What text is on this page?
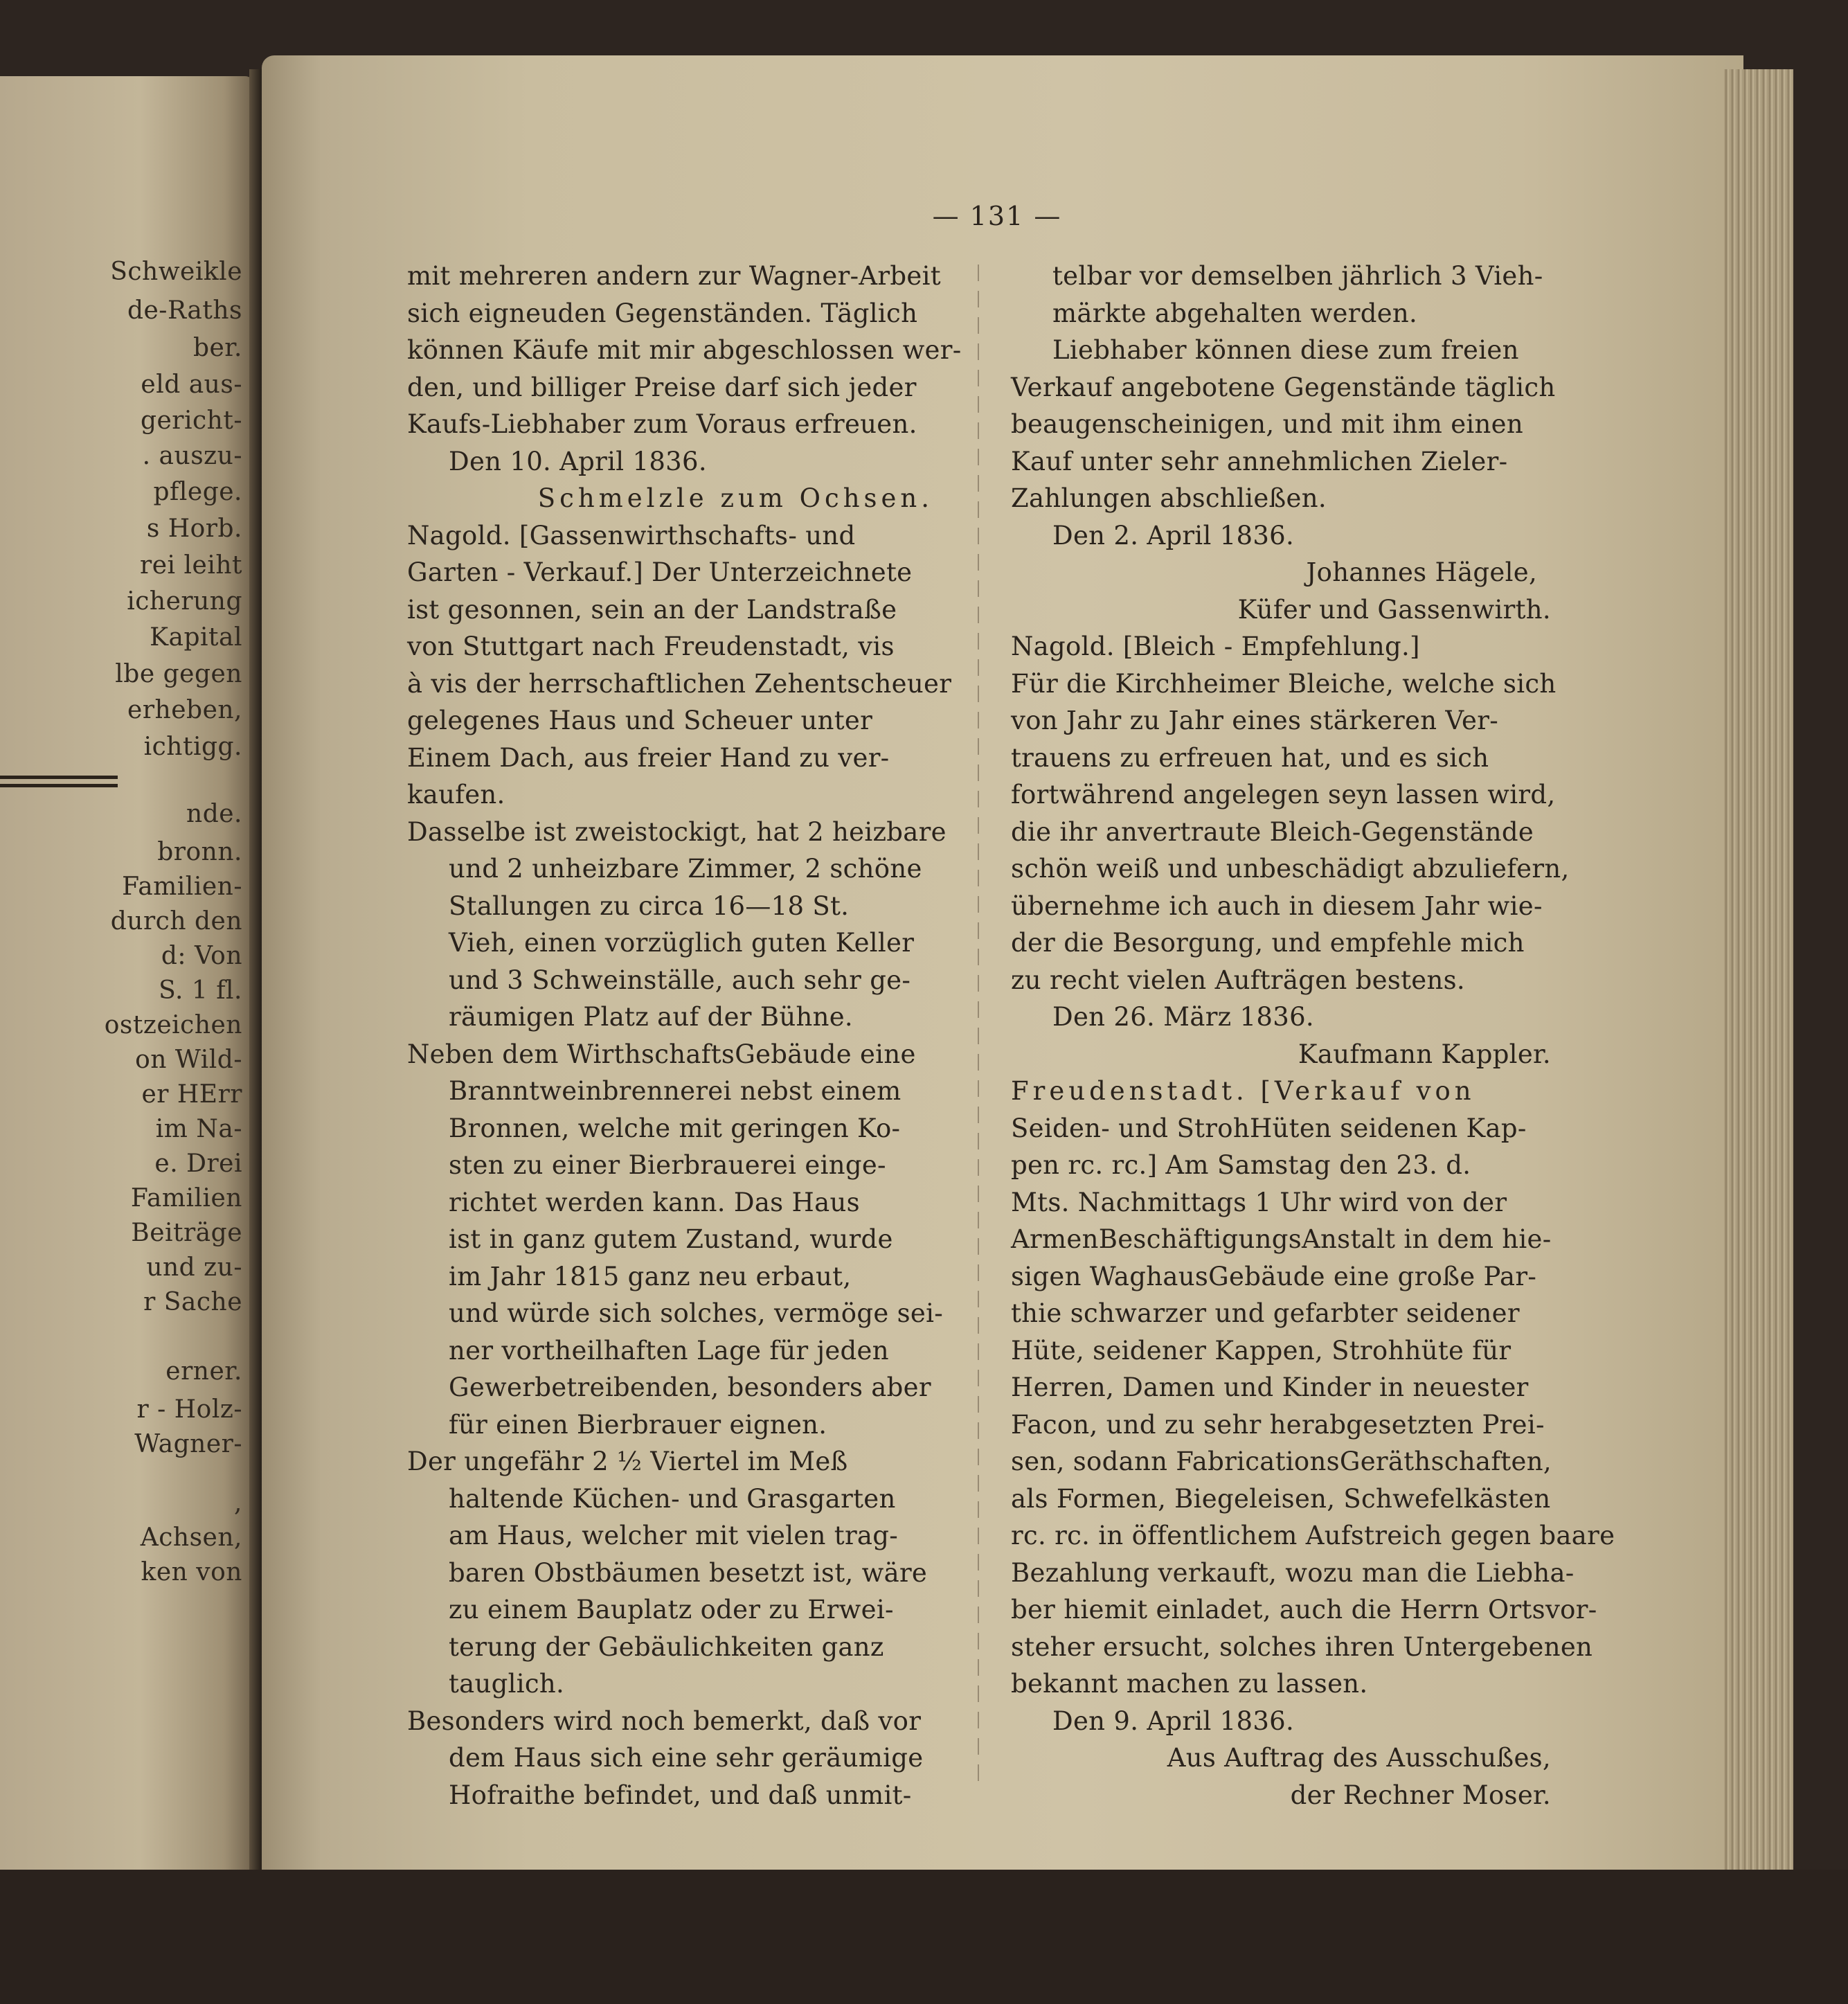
Schweikle
de-Raths
ber.
eld aus-
gericht-
. auszu-
pflege.
s Horb.
rei leiht
icherung
Kapital
lbe gegen
erheben,
ichtigg.
nde.
bronn.
Familien-
durch den
d: Von
S. 1 fl.
ostzeichen
on Wild-
er HErr
im Na-
e. Drei
Familien
Beiträge
und zu-
r Sache
erner.
r - Holz-
Wagner-
,
Achsen,
ken von
— 131 —
mit mehreren andern zur Wagner-Arbeit
sich eigneuden Gegenständen. Täglich
können Käufe mit mir abgeschlossen wer-
den, und billiger Preise darf sich jeder
Kaufs-Liebhaber zum Voraus erfreuen.
Den 10. April 1836.
Schmelzle zum Ochsen.
Nagold. [Gassenwirthschafts- und
Garten - Verkauf.] Der Unterzeichnete
ist gesonnen, sein an der Landstraße
von Stuttgart nach Freudenstadt, vis
à vis der herrschaftlichen Zehentscheuer
gelegenes Haus und Scheuer unter
Einem Dach, aus freier Hand zu ver-
kaufen.
Dasselbe ist zweistockigt, hat 2 heizbare
und 2 unheizbare Zimmer, 2 schöne
Stallungen zu circa 16—18 St.
Vieh, einen vorzüglich guten Keller
und 3 Schweinställe, auch sehr ge-
räumigen Platz auf der Bühne.
Neben dem WirthschaftsGebäude eine
Branntweinbrennerei nebst einem
Bronnen, welche mit geringen Ko-
sten zu einer Bierbrauerei einge-
richtet werden kann. Das Haus
ist in ganz gutem Zustand, wurde
im Jahr 1815 ganz neu erbaut,
und würde sich solches, vermöge sei-
ner vortheilhaften Lage für jeden
Gewerbetreibenden, besonders aber
für einen Bierbrauer eignen.
Der ungefähr 2 ½ Viertel im Meß
haltende Küchen- und Grasgarten
am Haus, welcher mit vielen trag-
baren Obstbäumen besetzt ist, wäre
zu einem Bauplatz oder zu Erwei-
terung der Gebäulichkeiten ganz
tauglich.
Besonders wird noch bemerkt, daß vor
dem Haus sich eine sehr geräumige
Hofraithe befindet, und daß unmit-
telbar vor demselben jährlich 3 Vieh-
märkte abgehalten werden.
Liebhaber können diese zum freien
Verkauf angebotene Gegenstände täglich
beaugenscheinigen, und mit ihm einen
Kauf unter sehr annehmlichen Zieler-
Zahlungen abschließen.
Den 2. April 1836.
Johannes Hägele,
Küfer und Gassenwirth.
Nagold. [Bleich - Empfehlung.]
Für die Kirchheimer Bleiche, welche sich
von Jahr zu Jahr eines stärkeren Ver-
trauens zu erfreuen hat, und es sich
fortwährend angelegen seyn lassen wird,
die ihr anvertraute Bleich-Gegenstände
schön weiß und unbeschädigt abzuliefern,
übernehme ich auch in diesem Jahr wie-
der die Besorgung, und empfehle mich
zu recht vielen Aufträgen bestens.
Den 26. März 1836.
Kaufmann Kappler.
Freudenstadt. [Verkauf von
Seiden- und StrohHüten seidenen Kap-
pen rc. rc.] Am Samstag den 23. d.
Mts. Nachmittags 1 Uhr wird von der
ArmenBeschäftigungsAnstalt in dem hie-
sigen WaghausGebäude eine große Par-
thie schwarzer und gefarbter seidener
Hüte, seidener Kappen, Strohhüte für
Herren, Damen und Kinder in neuester
Facon, und zu sehr herabgesetzten Prei-
sen, sodann FabricationsGeräthschaften,
als Formen, Biegeleisen, Schwefelkästen
rc. rc. in öffentlichem Aufstreich gegen baare
Bezahlung verkauft, wozu man die Liebha-
ber hiemit einladet, auch die Herrn Ortsvor-
steher ersucht, solches ihren Untergebenen
bekannt machen zu lassen.
Den 9. April 1836.
Aus Auftrag des Ausschußes,
der Rechner Moser.
